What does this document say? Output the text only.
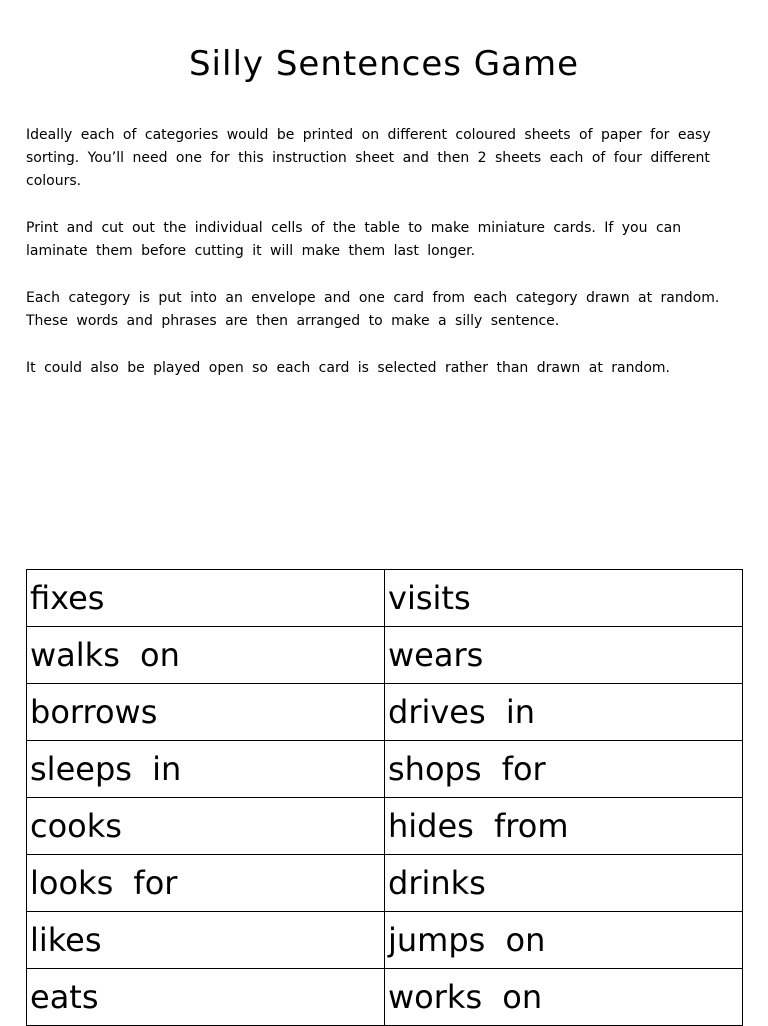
Silly Sentences Game

Ideally each of categories would be printed on different coloured sheets of paper for easy sorting. You’ll need one for this instruction sheet and then 2 sheets each of four different colours.

Print and cut out the individual cells of the table to make miniature cards. If you can laminate them before cutting it will make them last longer.

Each category is put into an envelope and one card from each category drawn at random. These words and phrases are then arranged to make a silly sentence.

It could also be played open so each card is selected rather than drawn at random.

fixes	visits
walks on	wears
borrows	drives in
sleeps in	shops for
cooks	hides from
looks for	drinks
likes	jumps on
eats	works on
